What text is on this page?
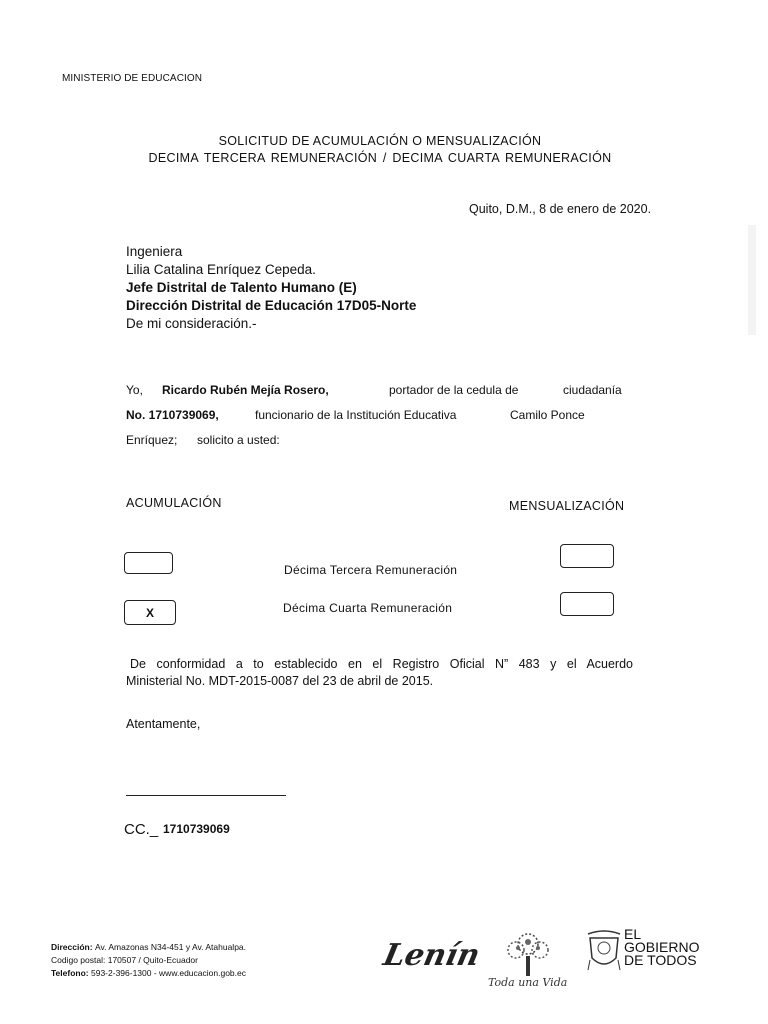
MINISTERIO DE EDUCACION
SOLICITUD DE ACUMULACIÓN O MENSUALIZACIÓN
DECIMA TERCERA REMUNERACIÓN / DECIMA CUARTA REMUNERACIÓN
Quito, D.M., 8 de enero de 2020.
Ingeniera
Lilia Catalina Enríquez Cepeda.
Jefe Distrital de Talento Humano (E)
Dirección Distrital de Educación 17D05-Norte
De mi consideración.-
Yo, Ricardo Rubén Mejía Rosero,	portador de la cedula de	ciudadanía
No. 1710739069,	funcionario de la Institución Educativa	Camilo Ponce
Enríquez; solicito a usted:
ACUMULACIÓN	MENSUALIZACIÓN
Décima Tercera Remuneración
X	Décima Cuarta Remuneración
De conformidad a to establecido en el Registro Oficial N” 483 y el Acuerdo
Ministerial No. MDT-2015-0087 del 23 de abril de 2015.
Atentamente,
CC._ 1710739069
Dirección: Av. Amazonas N34-451 y Av. Atahualpa.
Codigo postal: 170507 / Quito-Ecuador
Telefono: 593-2-396-1300 - www.educacion.gob.ec	Lenín
Toda una Vida
EL GOBIERNO DE TODOS
